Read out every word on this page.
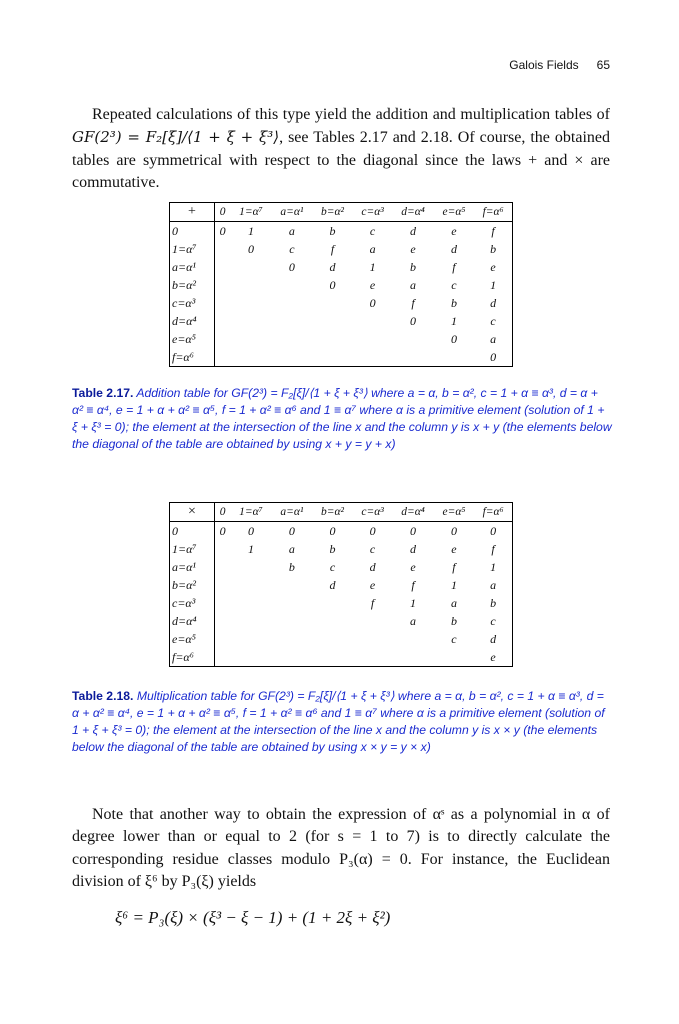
Galois Fields 65
Repeated calculations of this type yield the addition and multiplication tables of GF(2³) = F₂[ξ]/⟨1 + ξ + ξ³⟩, see Tables 2.17 and 2.18. Of course, the obtained tables are symmetrical with respect to the diagonal since the laws + and × are commutative.
+	0	1=α⁷	a=α¹	b=α²	c=α³	d=α⁴	e=α⁵	f=α⁶
0	0	1	a	b	c	d	e	f
1=α⁷		0	c	f	a	e	d	b
a=α¹			0	d	1	b	f	e
b=α²				0	e	a	c	1
c=α³					0	f	b	d
d=α⁴						0	1	c
e=α⁵							0	a
f=α⁶								0
Table 2.17. Addition table for GF(2³) = F₂[ξ]/⟨1 + ξ + ξ³⟩ where a = α, b = α², c = 1 + α ≡ α³, d = α + α² ≡ α⁴, e = 1 + α + α² ≡ α⁵, f = 1 + α² ≡ α⁶ and 1 ≡ α⁷ where α is a primitive element (solution of 1 + ξ + ξ³ = 0); the element at the intersection of the line x and the column y is x + y (the elements below the diagonal of the table are obtained by using x + y = y + x)
×	0	1=α⁷	a=α¹	b=α²	c=α³	d=α⁴	e=α⁵	f=α⁶
0	0	0	0	0	0	0	0	0
1=α⁷		1	a	b	c	d	e	f
a=α¹			b	c	d	e	f	1
b=α²				d	e	f	1	a
c=α³					f	1	a	b
d=α⁴						a	b	c
e=α⁵							c	d
f=α⁶								e
Table 2.18. Multiplication table for GF(2³) = F₂[ξ]/⟨1 + ξ + ξ³⟩ where a = α, b = α², c = 1 + α ≡ α³, d = α + α² ≡ α⁴, e = 1 + α + α² ≡ α⁵, f = 1 + α² ≡ α⁶ and 1 ≡ α⁷ where α is a primitive element (solution of 1 + ξ + ξ³ = 0); the element at the intersection of the line x and the column y is x × y (the elements below the diagonal of the table are obtained by using x × y = y × x)
Note that another way to obtain the expression of αˢ as a polynomial in α of degree lower than or equal to 2 (for s = 1 to 7) is to directly calculate the corresponding residue classes modulo P₃(α) = 0. For instance, the Euclidean division of ξ⁶ by P₃(ξ) yields
ξ⁶ = P₃(ξ) × (ξ³ − ξ − 1) + (1 + 2ξ + ξ²)
